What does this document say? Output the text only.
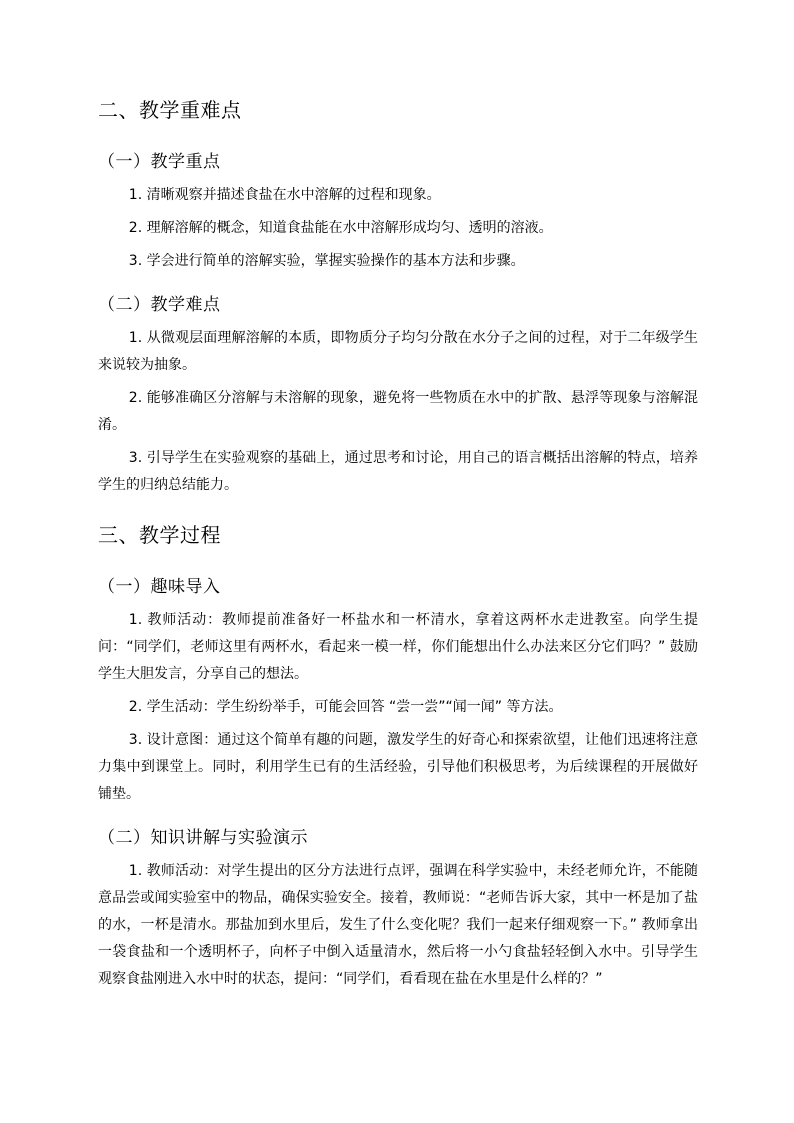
二、教学重难点
（一）教学重点

1. 清晰观察并描述食盐在水中溶解的过程和现象。

2. 理解溶解的概念，知道食盐能在水中溶解形成均匀、透明的溶液。

3. 学会进行简单的溶解实验，掌握实验操作的基本方法和步骤。

（二）教学难点

1. 从微观层面理解溶解的本质，即物质分子均匀分散在水分子之间的过程，对于二年级学生来说较为抽象。

2. 能够准确区分溶解与未溶解的现象，避免将一些物质在水中的扩散、悬浮等现象与溶解混淆。

3. 引导学生在实验观察的基础上，通过思考和讨论，用自己的语言概括出溶解的特点，培养学生的归纳总结能力。

三、教学过程
（一）趣味导入

1. 教师活动：教师提前准备好一杯盐水和一杯清水，拿着这两杯水走进教室。向学生提问：“同学们，老师这里有两杯水，看起来一模一样，你们能想出什么办法来区分它们吗？” 鼓励学生大胆发言，分享自己的想法。

2. 学生活动：学生纷纷举手，可能会回答 “尝一尝”“闻一闻” 等方法。

3. 设计意图：通过这个简单有趣的问题，激发学生的好奇心和探索欲望，让他们迅速将注意力集中到课堂上。同时，利用学生已有的生活经验，引导他们积极思考，为后续课程的开展做好铺垫。

（二）知识讲解与实验演示

1. 教师活动：对学生提出的区分方法进行点评，强调在科学实验中，未经老师允许，不能随意品尝或闻实验室中的物品，确保实验安全。接着，教师说：“老师告诉大家，其中一杯是加了盐的水，一杯是清水。那盐加到水里后，发生了什么变化呢？我们一起来仔细观察一下。” 教师拿出一袋食盐和一个透明杯子，向杯子中倒入适量清水，然后将一小勺食盐轻轻倒入水中。引导学生观察食盐刚进入水中时的状态，提问：“同学们，看看现在盐在水里是什么样的？”
